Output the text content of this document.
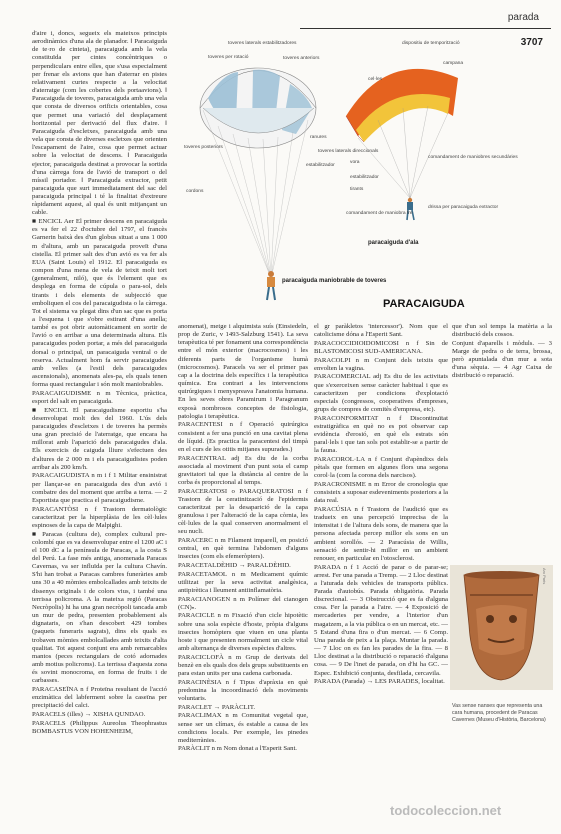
parada
3707

d'aire i, doncs, segueix els mateixos principis aerodinàmics d'una ala de planador. ‖ Paracaiguda de te·ro de cinteta), paracaiguda amb la vela constituïda per cintes concèntriques o perpendiculars entre elles, que s'usa especialment per frenar els avions que han d'aterrar en pistes relativament curtes respecte a la velocitat d'aterratge (com les cobertes dels portaavions). ‖ Paracaiguda de toveres, paracaiguda amb una vela que consta de diversos orificis orientables, cosa que permet una variació del desplaçament horitzontal per derivació del flux d'aire. ‖ Paracaiguda d'escletxes, paracaiguda amb una vela que consta de diverses escletxes que orienten l'escapament de l'aire, cosa que permet actuar sobre la velocitat de descens. ‖ Paracaiguda ejector, paracaiguda destinat a provocar la sortida d'una càrrega fora de l'avió de transport o del míssil portador. ‖ Paracaiguda extractor, petit paracaiguda que surt immediatament del sac del paracaiguda principal i té la finalitat d'extreure ràpidament aquest, al qual és unit mitjançant un cable.

■ ENCICL Aer El primer descens en paracaiguda es va fer el 22 d'octubre del 1797, el francès Garnerin baixà des d'un globus situat a uns 1 000 m d'altura, amb un paracaiguda proveït d'una cistella. El primer salt des d'un avió es va fer als EUA (Saint Louis) el 1912. El paracaiguda es compon d'una mena de vela de teixit molt tort (generalment, niló), que és l'element que es desplega en forma de cúpula o para-sol, dels tirants i dels elements de subjecció que emboliquen el cos del paracaigudista o la càrrega. Tot el sistema va plegat dins d'un sac que es porta a l'esquena i que s'obre estirant d'una anella; també es pot obrir automàticament en sortir de l'avió o en arribar a una determinada altura. Els paracaigudes poden portar, a més del paracaiguda dorsal o principal, un paracaiguda ventral o de reserva. Actualment hom fa servir paracaigudes amb velles (a l'estil dels paracaigudes ascensionals), anomenats ales-pa, els quals tenen forma quasi rectangular i són molt maniobrables.

PARACAIGUDISME n m Tècnica, pràctica, esport del salt en paracaiguda.

■ ENCICL El paracaigudisme esportiu s'ha desenvolupat molt des del 1960. L'ús dels paracaigudes d'escletxes i de toveres ha permès una gran precisió de l'aterratge, que encara ha millorat amb l'aparició dels paracaigudes d'ala. Els exercicis de caiguda lliure s'efectuen des d'altures de 2 000 m i els paracaigudistes poden arribar als 200 km/h.

PARACAIGUDISTA n m i f 1 Militar ensinistrat per llançar-se en paracaiguda des d'un avió i combatre des del moment que arriba a terra. — 2 Esportista que practica el paracaigudisme.

PARACANTÒSI n f Trastorn dermatològic caracteritzat per la hiperplàsia de les cèl·lules espinoses de la capa de Malpighi.

■ Paracas (cultura de), complex cultural pre-colombí que es va desenvolupar entre el 1200 aC i el 100 dC a la península de Paracas, a la costa S del Perú. La fase més antiga, anomenada Paracas Cavernas, va ser influïda per la cultura Chavín. S'hi han trobat a Paracas cambres funeràries amb uns 30 a 40 mòmies embolcallades amb teixits de dissenys originals i de colors vius, i també una terrissa policroma. A la mateixa regió (Paracas Necròpolis) hi ha una gran necròpoli tancada amb un mur de pedra, presenten probablement als dignataris, on s'han descobert 429 tombes (paquets funeraris sagrats), dins els quals es trobaven mòmies embolcallades amb teixits d'alta qualitat. Tot aquest conjunt era amb remarcables mantos (peces rectangulars de cotó adornades amb motius policroms). La terrissa d'aquesta zona és sovint monocroma, en forma de fruits i de carbasses.

PARACASEÏNA n f Proteïna resultant de l'acció enzimàtica del labferment sobre la caseïna per precipitació del calci.

PARACELS (illes) → XISHA QUNDAO.

PARACELS (Philippus Aureolus Theophrastus BOMBASTUS VON HOHENHEIM,

toveres laterals estabilitzadores
toveres per rotació	toveres anteriors
ranures
toveres laterals direccionals
estabilitzador
toveres posteriors
cordons
paracaiguda maniobrable de toveres
dispositiu de temporització
campana
cel·les
vora
comandament de maniobres secundàries
estabilitzador
tirants
comandament de maniobra fre
drissa per paracaiguda extractor
paracaiguda d'ala
PARACAIGUDA

anomenat), metge i alquimista suís (Einsiedeln, prop de Zuric, v 1493-Salzburg 1541). La seva terapèutica té per fonament una correspondència entre el món exterior (macrocosmos) i les diferents parts de l'organisme humà (microcosmos). Paracels va ser el primer pas cap a la doctrina dels específics i la terapèutica química. Era contrari a les intervencions quirúrgiques i menyspreava l'anatomia humana. En les seves obres Paramirum i Paragranum exposà nombrosos conceptes de fisiologia, patologia i terapèutica.

PARACENTESI n f Operació quirúrgica consistent a fer una punció en una cavitat plena de líquid. (Es practica la paracentesi del timpà en el curs de les otitis mitjanes supurades.)

PARACENTRAL adj Es diu de la corba associada al moviment d'un punt sota el camp gravitatori tal que la distància al centre de la corba és proporcional al temps.

PARACERATOSI o PARAQUERATOSI n f Trastorn de la ceratinització de l'epidermis caracteritzat per la desaparició de la capa granulosa i per l'alteració de la capa còrnia, les cèl·lules de la qual conserven anormalment el seu nucli.

PARACERC n m Filament imparell, en posició central, en què termina l'abdomen d'alguns insectes (com els efemeròpters).

PARACETALDÈHID → PARALDÈHID.

PARACETAMOL n m Medicament químic utilitzat per la seva activitat analgèsica, antipirètica i lleument antiinflamatòria.

PARACIANOGEN n m Polímer del cianogen (CN)ₙ.

PARACICLE n m Fixació d'un cicle hipotètic sobre una sola espècie d'hoste, pròpia d'alguns insectes homòpters que viuen en una planta hoste i que presenten normalment un cicle vital amb alternança de diverses espècies d'altres.

PARACICLOFÀ n m Grup de derivats del benzè en els quals dos dels grups substituents en para estan units per una cadena carbonada.

PARACINÈSIA n f Tipus d'apràxia en què predomina la incoordinació dels moviments voluntaris.

PARACLET → PARÀCLIT.

PARACLIMAX n m Comunitat vegetal que, sense ser un clímax, és estable a causa de les condicions locals. Per exemple, les pinedes mediterrànies.

PARÀCLIT n m Nom donat a l'Esperit Sant.

el gr paràkletos 'intercessor'). Nom que el catolicisme dóna a l'Esperit Sant.

PARACOCCIDIOIDOMICOSI n f Sin de BLASTOMICOSI SUD-AMERICANA.

PARACOLPI n m Conjunt dels teixits que envolten la vagina.

PARACOMERCIAL adj Es diu de les activitats que s'exerceixen sense caràcter habitual i que es caracteritzen per condicions d'explotació especials (congressos, cooperatives d'empreses, grups de compres de comitès d'empresa, etc).

PARACONFORMITAT n f Discontinuïtat estratigràfica en què no es pot observar cap evidència d'erosió, en què els estrats són paral·lels i que tan sols pot establir-se a partir de la fauna.

PARACOROL·LA n f Conjunt d'apèndixs dels pètals que formen en algunes flors una segona corol·la (com la corona dels narcisos).

PARACRONISME n m Error de cronologia que consisteix a suposar esdeveniments posteriors a la data real.

PARACÚSIA n f Trastorn de l'audició que es tradueix en una percepció imprecisa de la intensitat i de l'altura dels sons, de manera que la persona afectada percep millor els sons en un ambient sorollós. — 2 Paracúsia de Willis, sensació de sentir-hi millor en un ambient renouer, en particular en l'otosclerosi.

PARADA n f 1 Acció de parar o de parar-se; arrest. Fer una parada a Tremp. — 2 Lloc destinat a l'aturada dels vehicles de transports públics. Parada d'autobús. Parada obligatòria. Parada discrecional. — 3 Obstrucció que es fa d'alguna cosa. Fer la parada a l'aire. — 4 Exposició de mercaderies per vendre, a l'interior d'un magatzem, a la via pública o en un mercat, etc. — 5 Estand d'una fira o d'un mercat. — 6 Comp. Una parada de peix a la plaça. Muntar la parada. — 7 Lloc on es fan les parades de la fira. — 8 Lloc destinat a la distribució o reparació d'alguna cosa. — 9 De l'inet de parada, on d'hi ha GC. — Espec. Exhibició conjunta, desfilada, cercavila.

PARADA (Parada) → LES PARADES, localitat.

que d'un sol temps la matèria a la distribució dels cossos.

Conjunt d'aparells i mòduls. — 3 Marge de pedra o de terra, brossa, però apuntalada d'un mur a sota d'una sèquia. — 4 Agr Caixa de distribució o reparació.

Arx Paris
Vas sense nanses que representa una cara humana, procedent de Paracas Cavernes (Museu d'Història, Barcelona)
todocoleccion.net
